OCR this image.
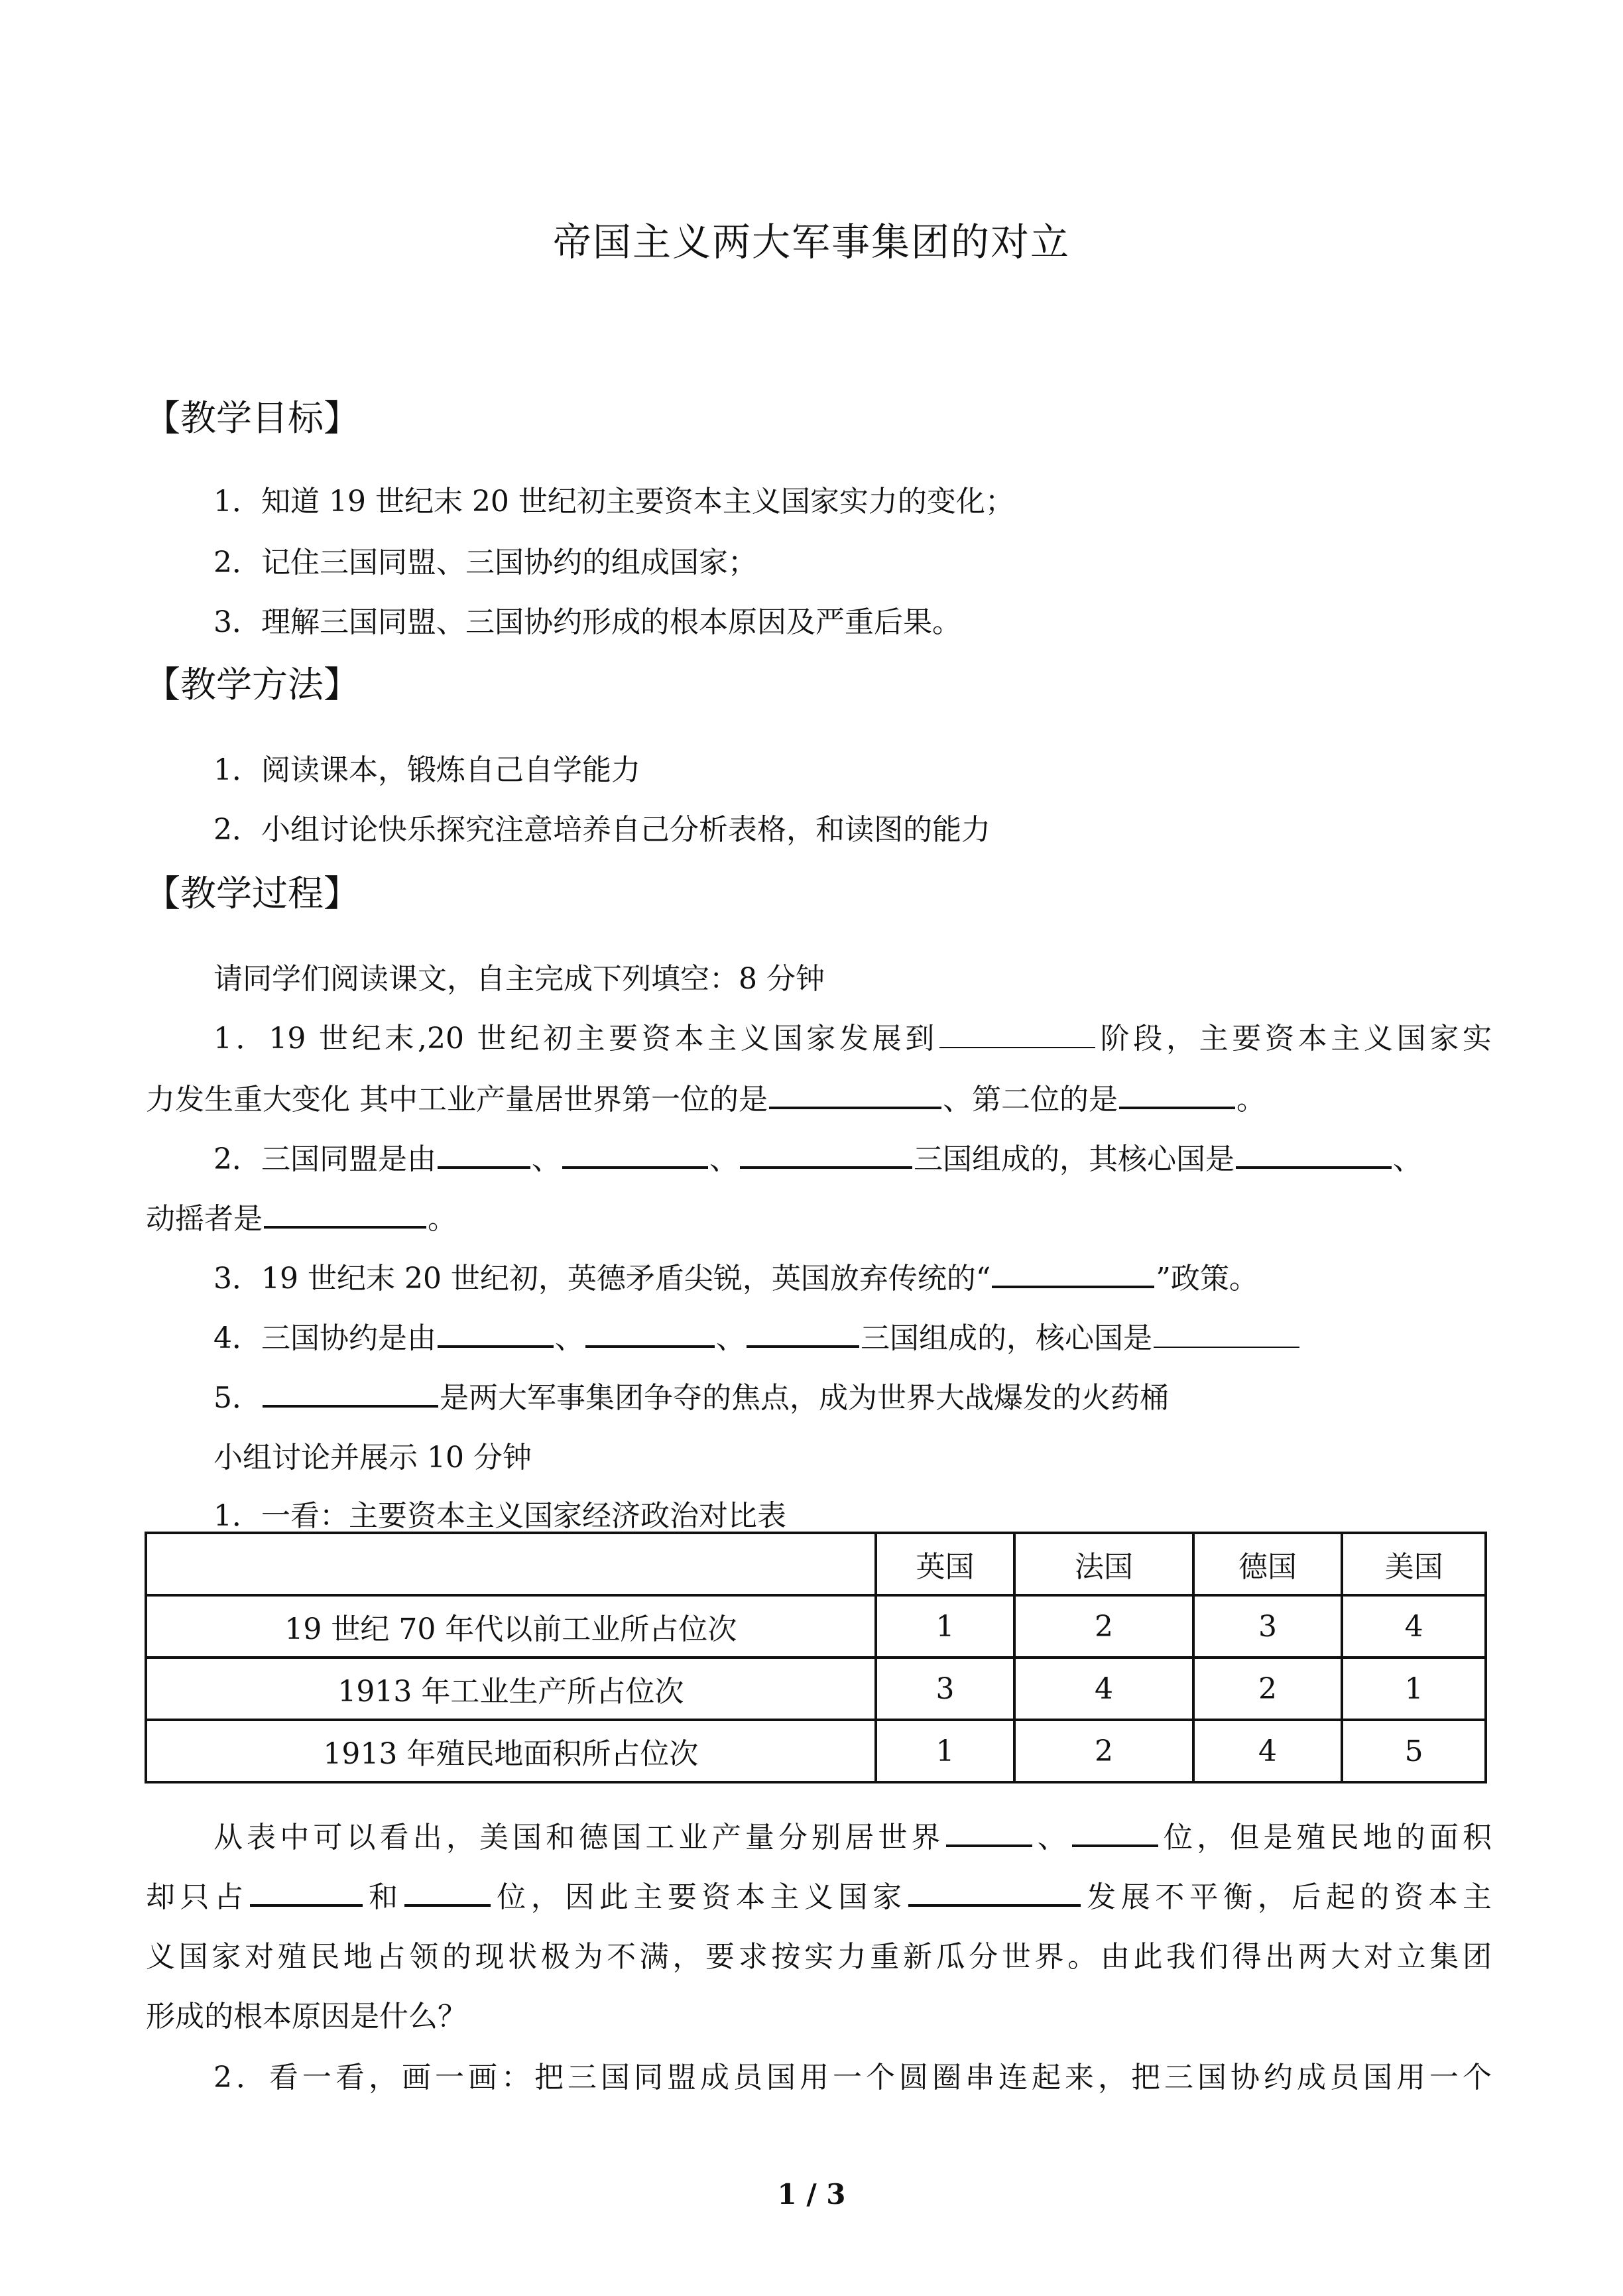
帝国主义两大军事集团的对立
【教学目标】
1．知道 19 世纪末 20 世纪初主要资本主义国家实力的变化；
2．记住三国同盟、三国协约的组成国家；
3．理解三国同盟、三国协约形成的根本原因及严重后果。
【教学方法】
1．阅读课本，锻炼自己自学能力
2．小组讨论快乐探究注意培养自己分析表格，和读图的能力
【教学过程】
请同学们阅读课文，自主完成下列填空：8 分钟
1．19 世纪末,20 世纪初主要资本主义国家发展到	阶段，主要资本主义国家实
力发生重大变化 其中工业产量居世界第一位的是	、第二位的是	。
2．三国同盟是由	、	、	三国组成的，其核心国是	、
动摇者是	。
3．19 世纪末 20 世纪初，英德矛盾尖锐，英国放弃传统的“	”政策。
4．三国协约是由	、	、	三国组成的，核心国是
5．	是两大军事集团争夺的焦点，成为世界大战爆发的火药桶
小组讨论并展示 10 分钟
1．一看：主要资本主义国家经济政治对比表
	英国	法国	德国	美国
19 世纪 70 年代以前工业所占位次	1	2	3	4
1913 年工业生产所占位次	3	4	2	1
1913 年殖民地面积所占位次	1	2	4	5
从表中可以看出，美国和德国工业产量分别居世界	、	位，但是殖民地的面积
却只占	和	位，因此主要资本主义国家	发展不平衡，后起的资本主
义国家对殖民地占领的现状极为不满，要求按实力重新瓜分世界。由此我们得出两大对立集团
形成的根本原因是什么？
2．看一看，画一画：把三国同盟成员国用一个圆圈串连起来，把三国协约成员国用一个
1 / 3
